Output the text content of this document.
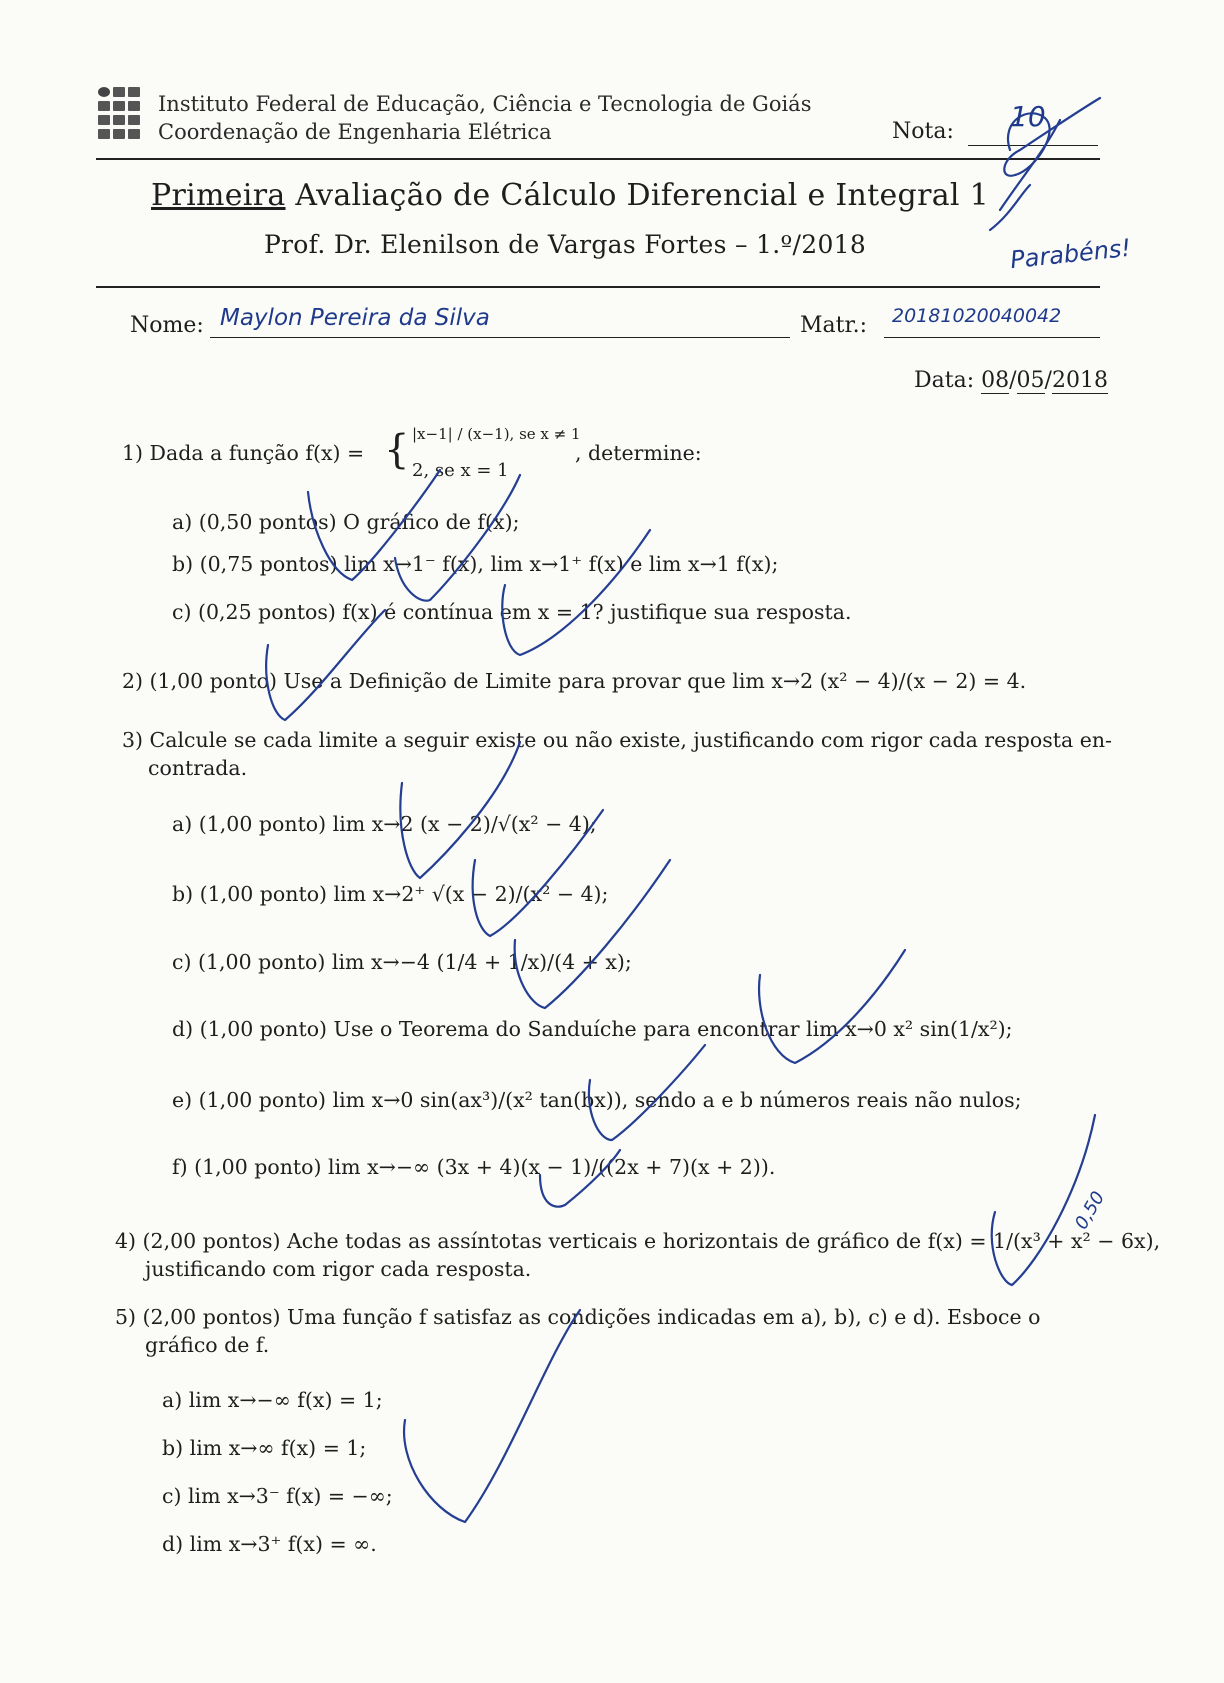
Instituto Federal de Educação, Ciência e Tecnologia de Goiás
Coordenação de Engenharia Elétrica	Nota:
Primeira Avaliação de Cálculo Diferencial e Integral 1
Prof. Dr. Elenilson de Vargas Fortes – 1.º/2018
Nome: Maylon Pereira da Silva	Matr.:	20181020040042
Data: 08/05/2018
1) Dada a função f(x) = { |x−1| / (x−1), se x ≠ 1
2, se x = 1
, determine:
a) (0,50 pontos) O gráfico de f(x);
b) (0,75 pontos) lim x→1⁻ f(x), lim x→1⁺ f(x) e lim x→1 f(x);
c) (0,25 pontos) f(x) é contínua em x = 1? justifique sua resposta.
2) (1,00 ponto) Use a Definição de Limite para provar que lim x→2 (x² − 4)/(x − 2) = 4.
3) Calcule se cada limite a seguir existe ou não existe, justificando com rigor cada resposta en-
contrada.
a) (1,00 ponto) lim x→2 (x − 2)/√(x² − 4);
b) (1,00 ponto) lim x→2⁺ √(x − 2)/(x² − 4);
c) (1,00 ponto) lim x→−4 (1/4 + 1/x)/(4 + x);
d) (1,00 ponto) Use o Teorema do Sanduíche para encontrar lim x→0 x² sin(1/x²);
e) (1,00 ponto) lim x→0 sin(ax³)/(x² tan(bx)), sendo a e b números reais não nulos;
f) (1,00 ponto) lim x→−∞ (3x + 4)(x − 1)/((2x + 7)(x + 2)).
4) (2,00 pontos) Ache todas as assíntotas verticais e horizontais de gráfico de f(x) = 1/(x³ + x² − 6x),
justificando com rigor cada resposta.
5) (2,00 pontos) Uma função f satisfaz as condições indicadas em a), b), c) e d). Esboce o
gráfico de f.
a) lim x→−∞ f(x) = 1;
b) lim x→∞ f(x) = 1;
c) lim x→3⁻ f(x) = −∞;
d) lim x→3⁺ f(x) = ∞.
10
Parabéns!
0,50
